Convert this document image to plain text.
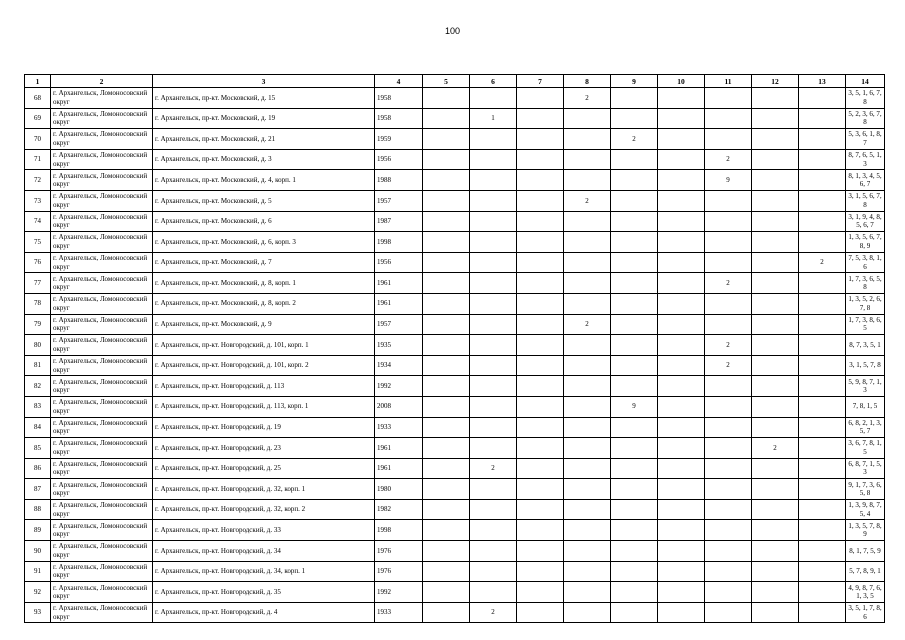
100
1	2	3	4	5	6	7	8	9	10	11	12	13	14
68	г. Архангельск, Ломоносовский округ	г. Архангельск, пр-кт. Московский, д. 15	1958				2						3, 5, 1, 6, 7, 8
69	г. Архангельск, Ломоносовский округ	г. Архангельск, пр-кт. Московский, д. 19	1958		1								5, 2, 3, 6, 7, 8
70	г. Архангельск, Ломоносовский округ	г. Архангельск, пр-кт. Московский, д. 21	1959					2					5, 3, 6, 1, 8, 7
71	г. Архангельск, Ломоносовский округ	г. Архангельск, пр-кт. Московский, д. 3	1956							2			8, 7, 6, 5, 1, 3
72	г. Архангельск, Ломоносовский округ	г. Архангельск, пр-кт. Московский, д. 4, корп. 1	1988							9			8, 1, 3, 4, 5, 6, 7
73	г. Архангельск, Ломоносовский округ	г. Архангельск, пр-кт. Московский, д. 5	1957				2						3, 1, 5, 6, 7, 8
74	г. Архангельск, Ломоносовский округ	г. Архангельск, пр-кт. Московский, д. 6	1987										3, 1, 9, 4, 8, 5, 6, 7
75	г. Архангельск, Ломоносовский округ	г. Архангельск, пр-кт. Московский, д. 6, корп. 3	1998										1, 3, 5, 6, 7, 8, 9
76	г. Архангельск, Ломоносовский округ	г. Архангельск, пр-кт. Московский, д. 7	1956									2	7, 5, 3, 8, 1, 6
77	г. Архангельск, Ломоносовский округ	г. Архангельск, пр-кт. Московский, д. 8, корп. 1	1961							2			1, 7, 3, 6, 5, 8
78	г. Архангельск, Ломоносовский округ	г. Архангельск, пр-кт. Московский, д. 8, корп. 2	1961										1, 3, 5, 2, 6, 7, 8
79	г. Архангельск, Ломоносовский округ	г. Архангельск, пр-кт. Московский, д. 9	1957				2						1, 7, 3, 8, 6, 5
80	г. Архангельск, Ломоносовский округ	г. Архангельск, пр-кт. Новгородский, д. 101, корп. 1	1935							2			8, 7, 3, 5, 1
81	г. Архангельск, Ломоносовский округ	г. Архангельск, пр-кт. Новгородский, д. 101, корп. 2	1934							2			3, 1, 5, 7, 8
82	г. Архангельск, Ломоносовский округ	г. Архангельск, пр-кт. Новгородский, д. 113	1992										5, 9, 8, 7, 1, 3
83	г. Архангельск, Ломоносовский округ	г. Архангельск, пр-кт. Новгородский, д. 113, корп. 1	2008					9					7, 8, 1, 5
84	г. Архангельск, Ломоносовский округ	г. Архангельск, пр-кт. Новгородский, д. 19	1933										6, 8, 2, 1, 3, 5, 7
85	г. Архангельск, Ломоносовский округ	г. Архангельск, пр-кт. Новгородский, д. 23	1961								2		3, 6, 7, 8, 1, 5
86	г. Архангельск, Ломоносовский округ	г. Архангельск, пр-кт. Новгородский, д. 25	1961		2								6, 8, 7, 1, 5, 3
87	г. Архангельск, Ломоносовский округ	г. Архангельск, пр-кт. Новгородский, д. 32, корп. 1	1980										9, 1, 7, 3, 6, 5, 8
88	г. Архангельск, Ломоносовский округ	г. Архангельск, пр-кт. Новгородский, д. 32, корп. 2	1982										1, 3, 9, 8, 7, 5, 4
89	г. Архангельск, Ломоносовский округ	г. Архангельск, пр-кт. Новгородский, д. 33	1998										1, 3, 5, 7, 8, 9
90	г. Архангельск, Ломоносовский округ	г. Архангельск, пр-кт. Новгородский, д. 34	1976										8, 1, 7, 5, 9
91	г. Архангельск, Ломоносовский округ	г. Архангельск, пр-кт. Новгородский, д. 34, корп. 1	1976										5, 7, 8, 9, 1
92	г. Архангельск, Ломоносовский округ	г. Архангельск, пр-кт. Новгородский, д. 35	1992										4, 9, 8, 7, 6, 1, 3, 5
93	г. Архангельск, Ломоносовский округ	г. Архангельск, пр-кт. Новгородский, д. 4	1933		2								3, 5, 1, 7, 8, 6
